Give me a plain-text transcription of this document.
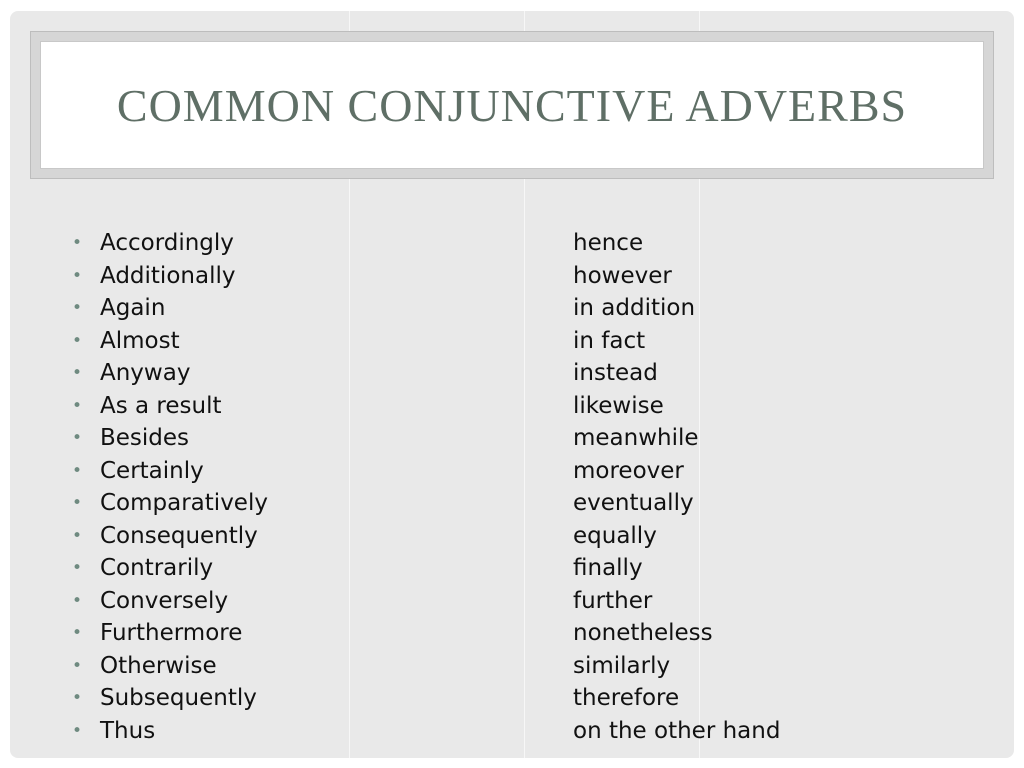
COMMON CONJUNCTIVE ADVERBS
• Accordingly
• Additionally
• Again
• Almost
• Anyway
• As a result
• Besides
• Certainly
• Comparatively
• Consequently
• Contrarily
• Conversely
• Furthermore
• Otherwise
• Subsequently
• Thus
hence
however
in addition
in fact
instead
likewise
meanwhile
moreover
eventually
equally
finally
further
nonetheless
similarly
therefore
on the other hand
